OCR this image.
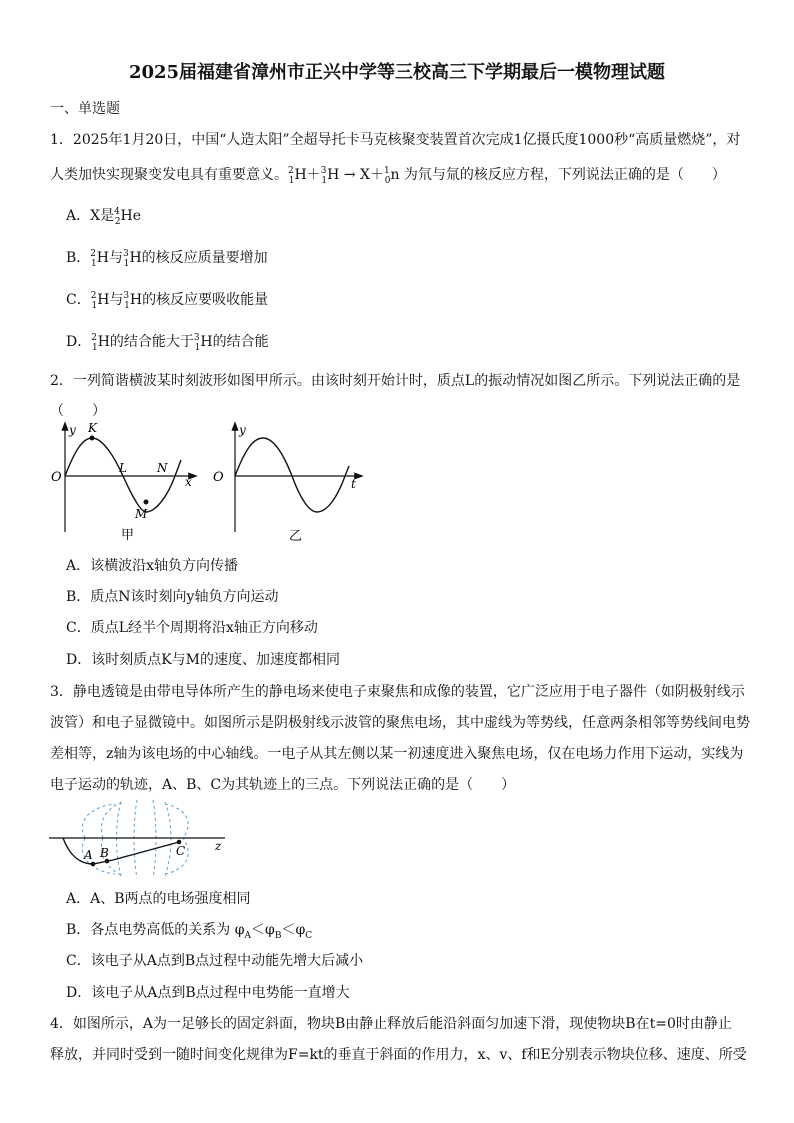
2025届福建省漳州市正兴中学等三校高三下学期最后一模物理试题
一、单选题
1．2025年1月20日，中国“人造太阳”全超导托卡马克核聚变装置首次完成1亿摄氏度1000秒“高质量燃烧”，对
人类加快实现聚变发电具有重要意义。$^2_1$H＋$^3_1$H → X＋$^1_0$n 为氘与氚的核反应方程，下列说法正确的是（　　）
A．X是$^4_2$He
B．$^2_1$H与$^3_1$H的核反应质量要增加
C．$^2_1$H与$^3_1$H的核反应要吸收能量
D．$^2_1$H的结合能大于$^3_1$H的结合能
2．一列简谐横波某时刻波形如图甲所示。由该时刻开始计时，质点L的振动情况如图乙所示。下列说法正确的是
（　　）
O
y
x
K
L	N
M
甲
O
y
t
乙
A．该横波沿x轴负方向传播
B．质点N该时刻向y轴负方向运动
C．质点L经半个周期将沿x轴正方向移动
D．该时刻质点K与M的速度、加速度都相同
3．静电透镜是由带电导体所产生的静电场来使电子束聚焦和成像的装置，它广泛应用于电子器件（如阴极射线示
波管）和电子显微镜中。如图所示是阴极射线示波管的聚焦电场，其中虚线为等势线，任意两条相邻等势线间电势
差相等，z轴为该电场的中心轴线。一电子从其左侧以某一初速度进入聚焦电场，仅在电场力作用下运动，实线为
电子运动的轨迹，A、B、C为其轨迹上的三点。下列说法正确的是（　　）
A B	C z
A．A、B两点的电场强度相同
B．各点电势高低的关系为 $\varphi_A<\varphi_B<\varphi_C$
C．该电子从A点到B点过程中动能先增大后减小
D．该电子从A点到B点过程中电势能一直增大
4．如图所示，A为一足够长的固定斜面，物块B由静止释放后能沿斜面匀加速下滑，现使物块B在t=0时由静止
释放，并同时受到一随时间变化规律为F=kt的垂直于斜面的作用力，x、v、f和E分别表示物块位移、速度、所受
